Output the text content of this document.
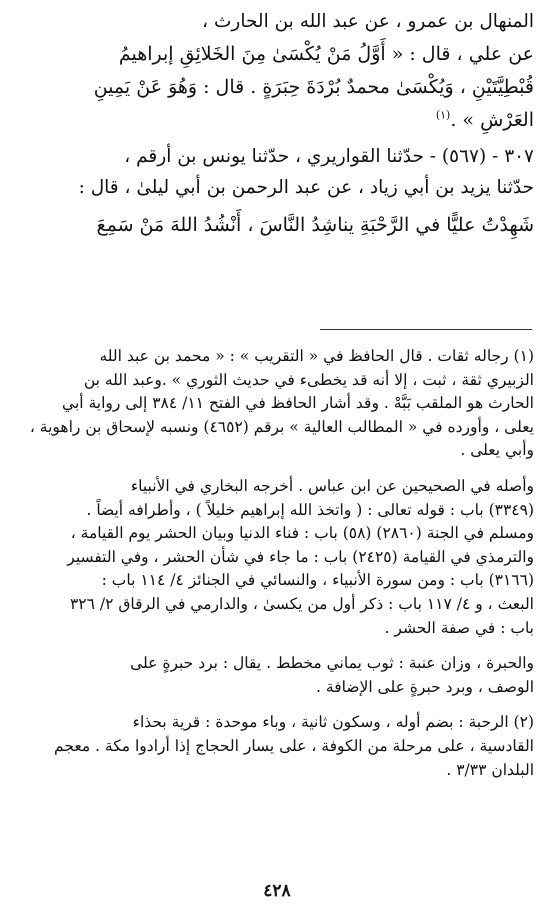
المنهال بن عمرو ، عن عبد الله بن الحارث ،

عن علي ، قال : « أَوَّلُ مَنْ يُكْسَىٰ مِنَ الخَلائِقِ إبراهيمُ

قُبْطِيَّتَيْنِ ، وَيُكْسَىٰ محمدٌ بُرْدَةَ حِبَرَةٍ . قال : وَهُوَ عَنْ يَمِينِ

العَرْشِ » .$^{(١)}$

٣٠٧ - (٥٦٧) - حدّثنا القواريري ، حدّثنا يونس بن أرقم ،

حدّثنا يزيد بن أبي زياد ، عن عبد الرحمن بن أبي ليلىٰ ، قال :

شَهِدْتُ عليًّا في الرَّحْبَةِ يناشِدُ النَّاسَ ، أَنْشُدُ اللهَ مَنْ سَمِعَ

(١) رجاله ثقات . قال الحافظ في « التقريب » : « محمد بن عبد الله

الزبيري ثقة ، ثبت ، إلا أنه قد يخطىء في حديث الثوري » .وعبد الله بن

الحارث هو الملقب بَبَّهْ . وقد أشار الحافظ في الفتح ١١/ ٣٨٤ إلى رواية أبي

يعلى ، وأورده في « المطالب العالية » برقم (٤٦٥٢) ونسبه لإسحاق بن راهوية ،

وأبي يعلى .

وأصله في الصحيحين عن ابن عباس . أخرجه البخاري في الأنبياء

(٣٣٤٩) باب : قوله تعالى : ( واتخذ الله إبراهيم خليلاً ) ، وأطرافه أيضاً .

ومسلم في الجنة (٢٨٦٠) (٥٨) باب : فناء الدنيا وبيان الحشر يوم القيامة ،

والترمذي في القيامة (٢٤٢٥) باب : ما جاء في شأن الحشر ، وفي التفسير

(٣١٦٦) باب : ومن سورة الأنبياء ، والنسائي في الجنائز ٤/ ١١٤ باب :

البعث ، و ٤/ ١١٧ باب : ذكر أول من يكسىٰ ، والدارمي في الرقاق ٢/ ٣٢٦

باب : في صفة الحشر .

والحبرة ، وزان عنبة : ثوب يماني مخطط . يقال : برد حبرةٍ على

الوصف ، وبرد حبرةٍ على الإضافة .

(٢) الرحبة : بضم أوله ، وسكون ثانية ، وباء موحدة : قرية بحذاء

القادسية ، على مرحلة من الكوفة ، على يسار الحجاج إذا أرادوا مكة . معجم

البلدان ٣/٣٣ .

٤٢٨
